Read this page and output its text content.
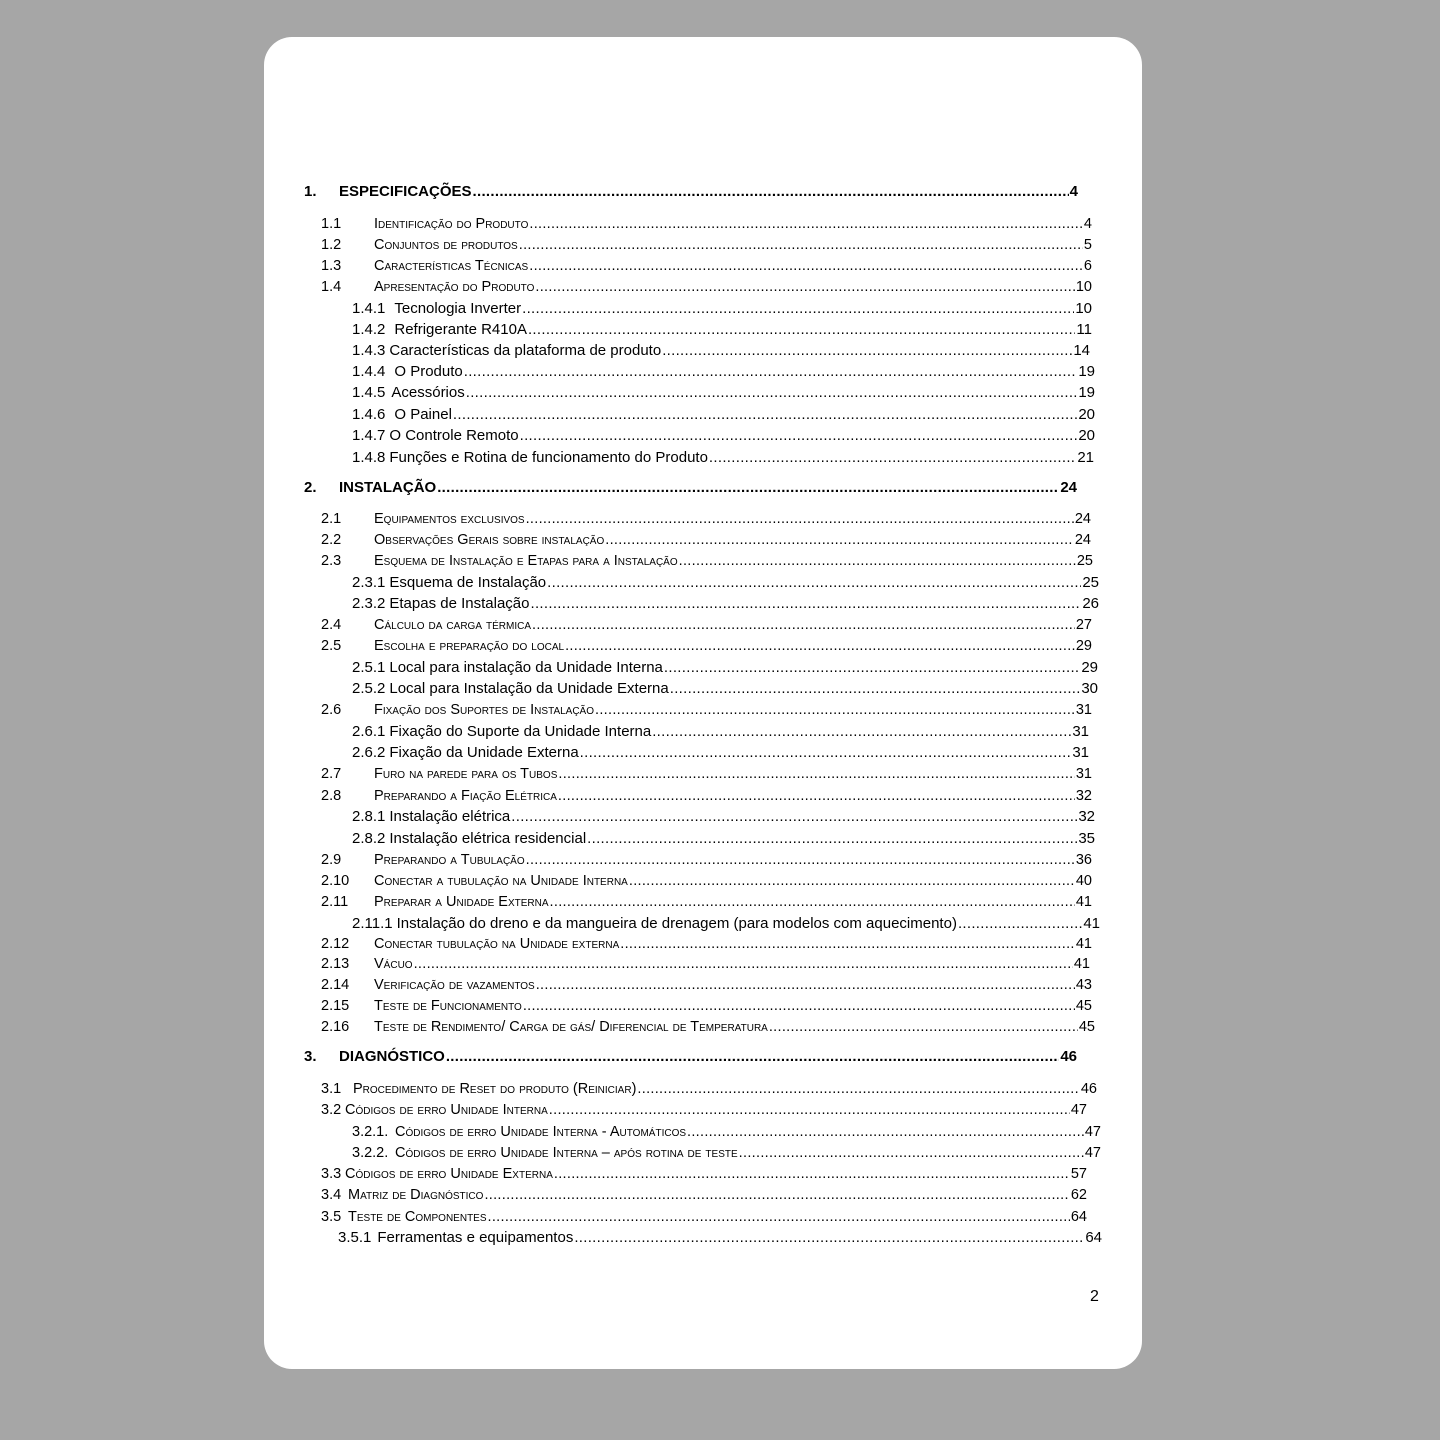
1.	ESPECIFICAÇÕES .....	4
1.1	Identificação do Produto .....	4
1.2	Conjuntos de produtos .....	5
1.3	Características Técnicas .....	6
1.4	Apresentação do Produto .....	10
1.4.1 Tecnologia Inverter .....	10
1.4.2 Refrigerante R410A .....	11
1.4.3 Características da plataforma de produto .....	14
1.4.4 O Produto .....	19
1.4.5 Acessórios .....	19
1.4.6 O Painel .....	20
1.4.7 O Controle Remoto .....	20
1.4.8 Funções e Rotina de funcionamento do Produto .....	21
2.	INSTALAÇÃO .....	24
2.1	Equipamentos exclusivos .....	24
2.2	Observações Gerais sobre instalação .....	24
2.3	Esquema de Instalação e Etapas para a Instalação .....	25
2.3.1 Esquema de Instalação .....	25
2.3.2 Etapas de Instalação .....	26
2.4	Cálculo da carga térmica .....	27
2.5	Escolha e preparação do local .....	29
2.5.1 Local para instalação da Unidade Interna .....	29
2.5.2 Local para Instalação da Unidade Externa .....	30
2.6	Fixação dos Suportes de Instalação .....	31
2.6.1 Fixação do Suporte da Unidade Interna .....	31
2.6.2 Fixação da Unidade Externa .....	31
2.7	Furo na parede para os Tubos .....	31
2.8	Preparando a Fiação Elétrica .....	32
2.8.1 Instalação elétrica .....	32
2.8.2 Instalação elétrica residencial .....	35
2.9	Preparando a Tubulação .....	36
2.10	Conectar a tubulação na Unidade Interna .....	40
2.11	Preparar a Unidade Externa .....	41
2.11.1 Instalação do dreno e da mangueira de drenagem (para modelos com aquecimento) .....	41
2.12	Conectar tubulação na Unidade externa .....	41
2.13	Vácuo .....	41
2.14	Verificação de vazamentos .....	43
2.15	Teste de Funcionamento .....	45
2.16	Teste de Rendimento/ Carga de gás/ Diferencial de Temperatura .....	45
3.	DIAGNÓSTICO .....	46
3.1 Procedimento de Reset do produto (Reiniciar) .....	46
3.2 Códigos de erro Unidade Interna .....	47
3.2.1. Códigos de erro Unidade Interna - Automáticos .....	47
3.2.2. Códigos de erro Unidade Interna – após rotina de teste .....	47
3.3 Códigos de erro Unidade Externa .....	57
3.4 Matriz de Diagnóstico .....	62
3.5 Teste de Componentes .....	64
3.5.1 Ferramentas e equipamentos .....	64
2
